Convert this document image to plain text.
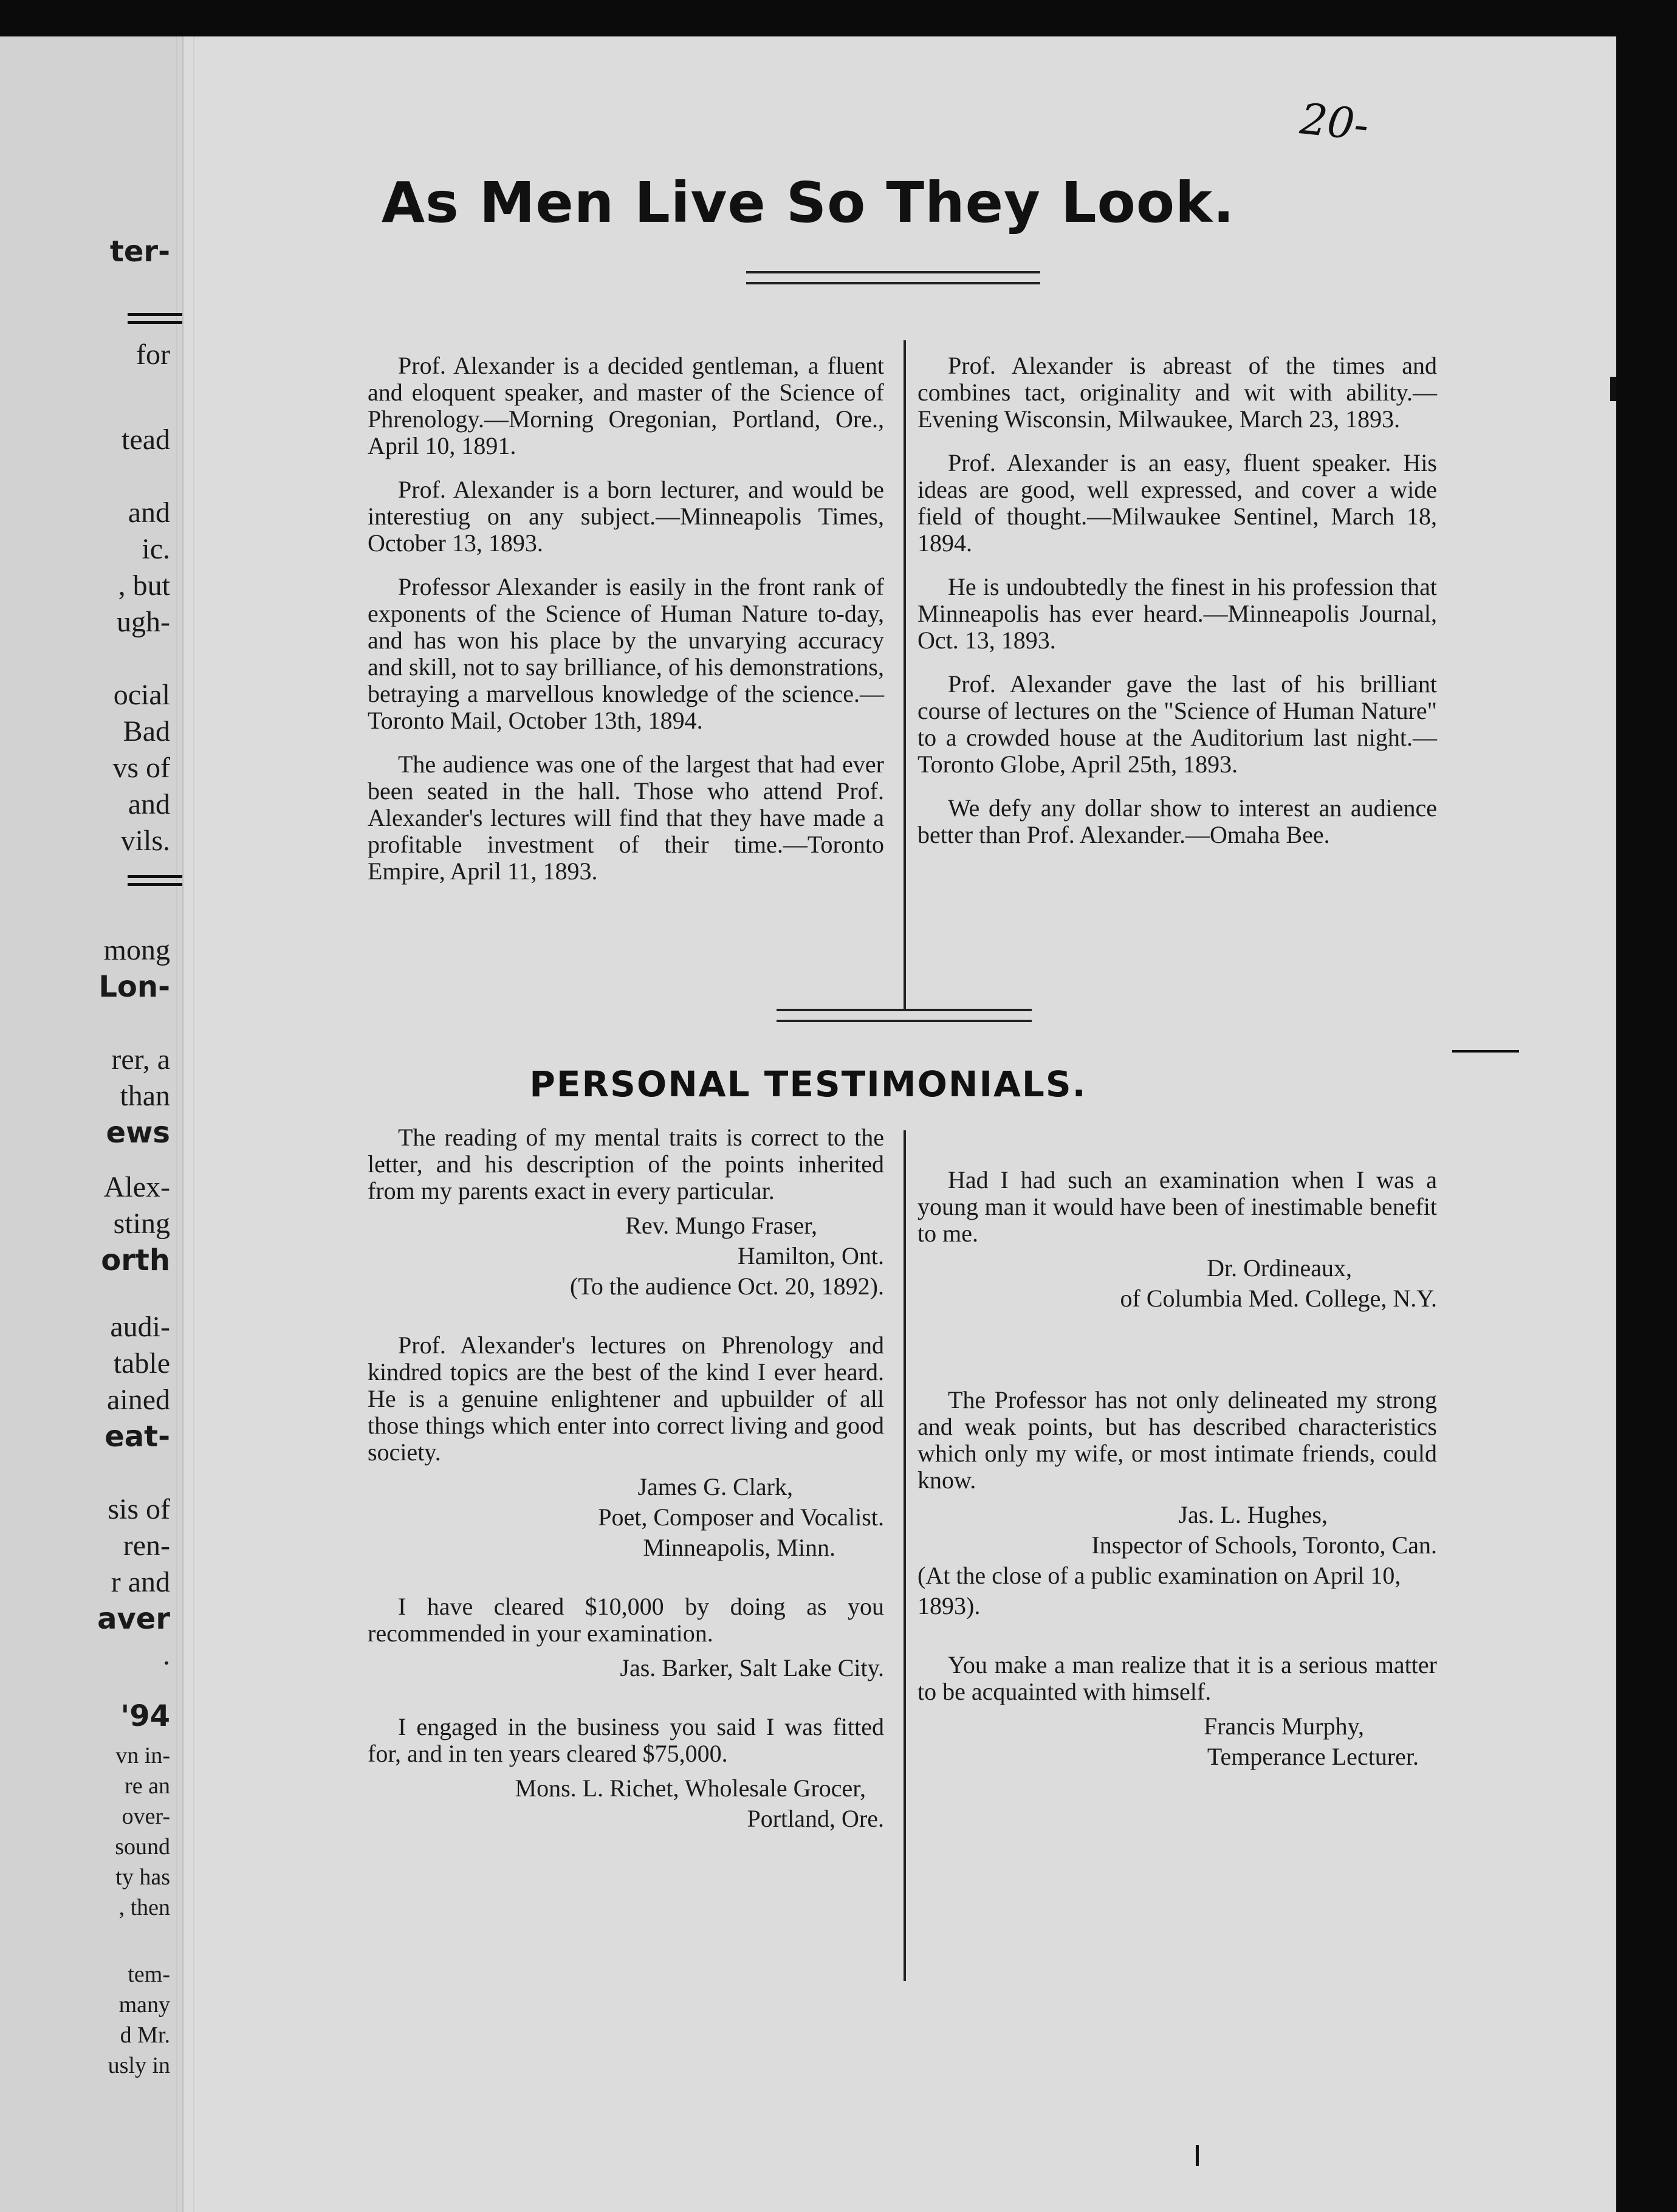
ter-
for
tead
and
ic.
, but
ugh-
ocial
Bad
vs of
and
vils.
mong
Lon-
rer, a
than
ews
Alex-
sting
orth
audi-
table
ained
eat-
sis of
ren-
r and
aver
.
'94
vn in-
re an
over-
sound
ty has
, then
tem-
many
d Mr.
usly in
20-
As Men Live So They Look.

Prof. Alexander is a decided gentleman, a fluent and eloquent speaker, and master of the Science of Phrenology.—Morning Oregonian, Portland, Ore., April 10, 1891.

Prof. Alexander is a born lecturer, and would be interestiug on any subject.—Minneapolis Times, October 13, 1893.

Professor Alexander is easily in the front rank of exponents of the Science of Human Nature to-day, and has won his place by the unvarying accuracy and skill, not to say brilliance, of his demonstrations, betraying a marvellous knowledge of the science.—Toronto Mail, October 13th, 1894.

The audience was one of the largest that had ever been seated in the hall. Those who attend Prof. Alexander's lectures will find that they have made a profitable investment of their time.—Toronto Empire, April 11, 1893.

Prof. Alexander is abreast of the times and combines tact, originality and wit with ability.—Evening Wisconsin, Milwaukee, March 23, 1893.

Prof. Alexander is an easy, fluent speaker. His ideas are good, well expressed, and cover a wide field of thought.—Milwaukee Sentinel, March 18, 1894.

He is undoubtedly the finest in his profession that Minneapolis has ever heard.—Minneapolis Journal, Oct. 13, 1893.

Prof. Alexander gave the last of his brilliant course of lectures on the "Science of Human Nature" to a crowded house at the Auditorium last night.—Toronto Globe, April 25th, 1893.

We defy any dollar show to interest an audience better than Prof. Alexander.—Omaha Bee.

PERSONAL TESTIMONIALS.

The reading of my mental traits is correct to the letter, and his description of the points inherited from my parents exact in every particular.

Rev. Mungo Fraser,
Hamilton, Ont.
(To the audience Oct. 20, 1892).

Prof. Alexander's lectures on Phrenology and kindred topics are the best of the kind I ever heard. He is a genuine enlightener and upbuilder of all those things which enter into correct living and good society.

James G. Clark,
Poet, Composer and Vocalist.
Minneapolis, Minn.

I have cleared $10,000 by doing as you recommended in your examination.

Jas. Barker, Salt Lake City.

I engaged in the business you said I was fitted for, and in ten years cleared $75,000.

Mons. L. Richet, Wholesale Grocer,
Portland, Ore.

Had I had such an examination when I was a young man it would have been of inestimable benefit to me.

Dr. Ordineaux,
of Columbia Med. College, N.Y.

The Professor has not only delineated my strong and weak points, but has described characteristics which only my wife, or most intimate friends, could know.

Jas. L. Hughes,
Inspector of Schools, Toronto, Can.
(At the close of a public examination on April 10, 1893).

You make a man realize that it is a serious matter to be acquainted with himself.

Francis Murphy,
Temperance Lecturer.
